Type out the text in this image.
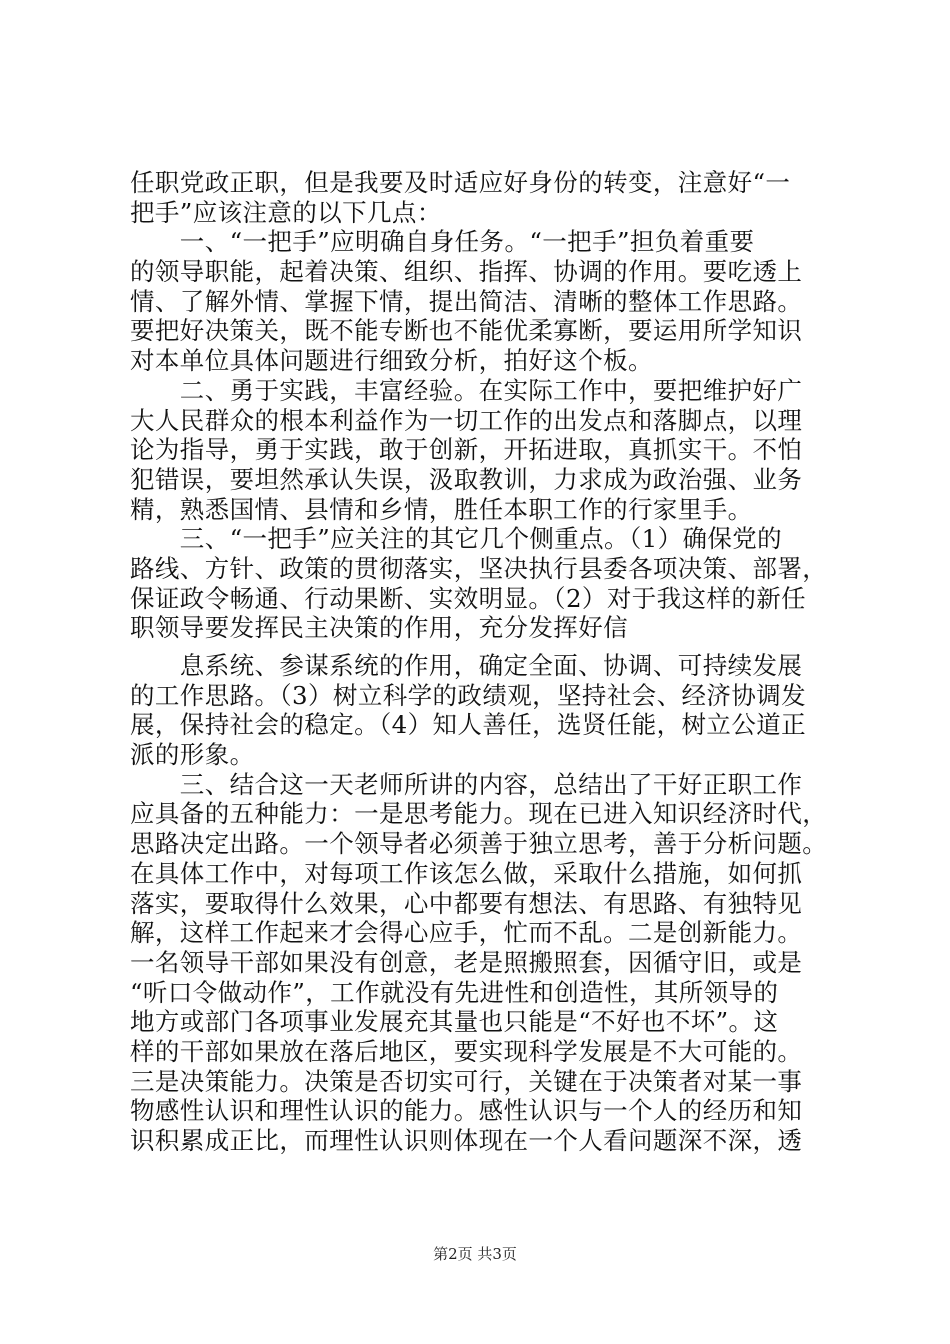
任职党政正职，但是我要及时适应好身份的转变，注意好“一
把手”应该注意的以下几点：
　　一、“一把手”应明确自身任务。“一把手”担负着重要
的领导职能，起着决策、组织、指挥、协调的作用。要吃透上
情、了解外情、掌握下情，提出简洁、清晰的整体工作思路。
要把好决策关，既不能专断也不能优柔寡断，要运用所学知识
对本单位具体问题进行细致分析，拍好这个板。
　　二、勇于实践，丰富经验。在实际工作中，要把维护好广
大人民群众的根本利益作为一切工作的出发点和落脚点，以理
论为指导，勇于实践，敢于创新，开拓进取，真抓实干。不怕
犯错误，要坦然承认失误，汲取教训，力求成为政治强、业务
精，熟悉国情、县情和乡情，胜任本职工作的行家里手。
　　三、“一把手”应关注的其它几个侧重点。（1）确保党的
路线、方针、政策的贯彻落实，坚决执行县委各项决策、部署，
保证政令畅通、行动果断、实效明显。（2）对于我这样的新任
职领导要发挥民主决策的作用，充分发挥好信
　　息系统、参谋系统的作用，确定全面、协调、可持续发展
的工作思路。（3）树立科学的政绩观，坚持社会、经济协调发
展，保持社会的稳定。（4）知人善任，选贤任能，树立公道正
派的形象。
　　三、结合这一天老师所讲的内容，总结出了干好正职工作
应具备的五种能力：一是思考能力。现在已进入知识经济时代，
思路决定出路。一个领导者必须善于独立思考，善于分析问题。
在具体工作中，对每项工作该怎么做，采取什么措施，如何抓
落实，要取得什么效果，心中都要有想法、有思路、有独特见
解，这样工作起来才会得心应手，忙而不乱。二是创新能力。
一名领导干部如果没有创意，老是照搬照套，因循守旧，或是
“听口令做动作”，工作就没有先进性和创造性，其所领导的
地方或部门各项事业发展充其量也只能是“不好也不坏”。这
样的干部如果放在落后地区，要实现科学发展是不大可能的。
三是决策能力。决策是否切实可行，关键在于决策者对某一事
物感性认识和理性认识的能力。感性认识与一个人的经历和知
识积累成正比，而理性认识则体现在一个人看问题深不深，透
第2页 共3页
